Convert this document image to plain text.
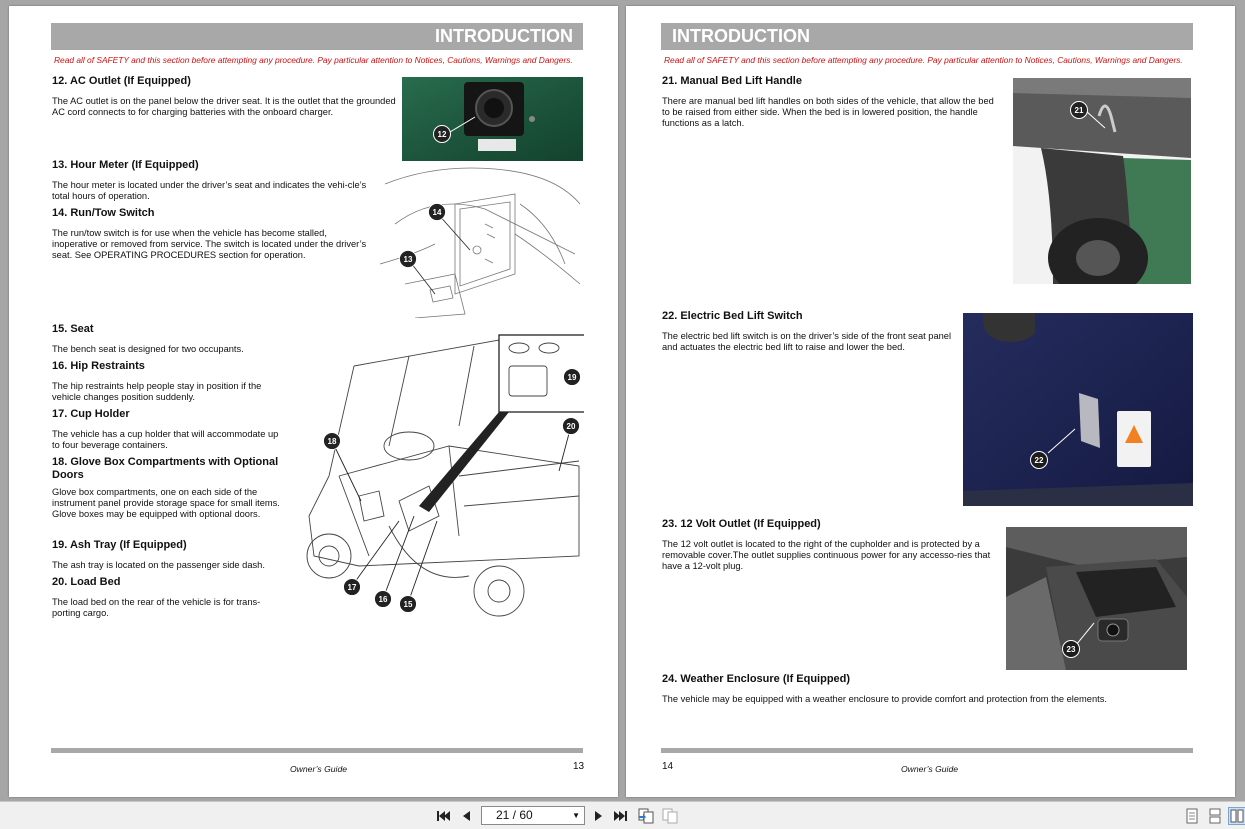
INTRODUCTION
Read all of SAFETY and this section before attempting any procedure. Pay particular attention to Notices, Cautions, Warnings and Dangers.
12. AC Outlet (If Equipped)

The AC outlet is on the panel below the driver seat. It is the outlet that the grounded AC cord connects to for charging batteries with the onboard charger.

12
13. Hour Meter (If Equipped)

The hour meter is located under the driver’s seat and indicates the vehi-cle’s total hours of operation.

14. Run/Tow Switch

The run/tow switch is for use when the vehicle has become stalled, inoperative or removed from service. The switch is located under the driver’s seat. See OPERATING PROCEDURES section for operation.

14
13
15. Seat

The bench seat is designed for two occupants.

16. Hip Restraints

The hip restraints help people stay in position if the vehicle changes position suddenly.

17. Cup Holder

The vehicle has a cup holder that will accommodate up to four beverage containers.

18. Glove Box Compartments with Optional Doors

Glove box compartments, one on each side of the instrument panel provide storage space for small items. Glove boxes may be equipped with optional doors.

19. Ash Tray (If Equipped)

The ash tray is located on the passenger side dash.

20. Load Bed

The load bed on the rear of the vehicle is for trans-porting cargo.

19
20
18
17
16
15
Owner’s Guide	13
INTRODUCTION
Read all of SAFETY and this section before attempting any procedure. Pay particular attention to Notices, Cautions, Warnings and Dangers.
21. Manual Bed Lift Handle

There are manual bed lift handles on both sides of the vehicle, that allow the bed to be raised from either side. When the bed is in lowered position, the handle functions as a latch.

21
22. Electric Bed Lift Switch

The electric bed lift switch is on the driver’s side of the front seat panel and actuates the electric bed lift to raise and lower the bed.

22
23. 12 Volt Outlet (If Equipped)

The 12 volt outlet is located to the right of the cupholder and is protected by a removable cover.The outlet supplies continuous power for any accesso-ries that have a 12-volt plug.

23
24. Weather Enclosure (If Equipped)

The vehicle may be equipped with a weather enclosure to provide comfort and protection from the elements.

14	Owner’s Guide
21 / 60	▼
